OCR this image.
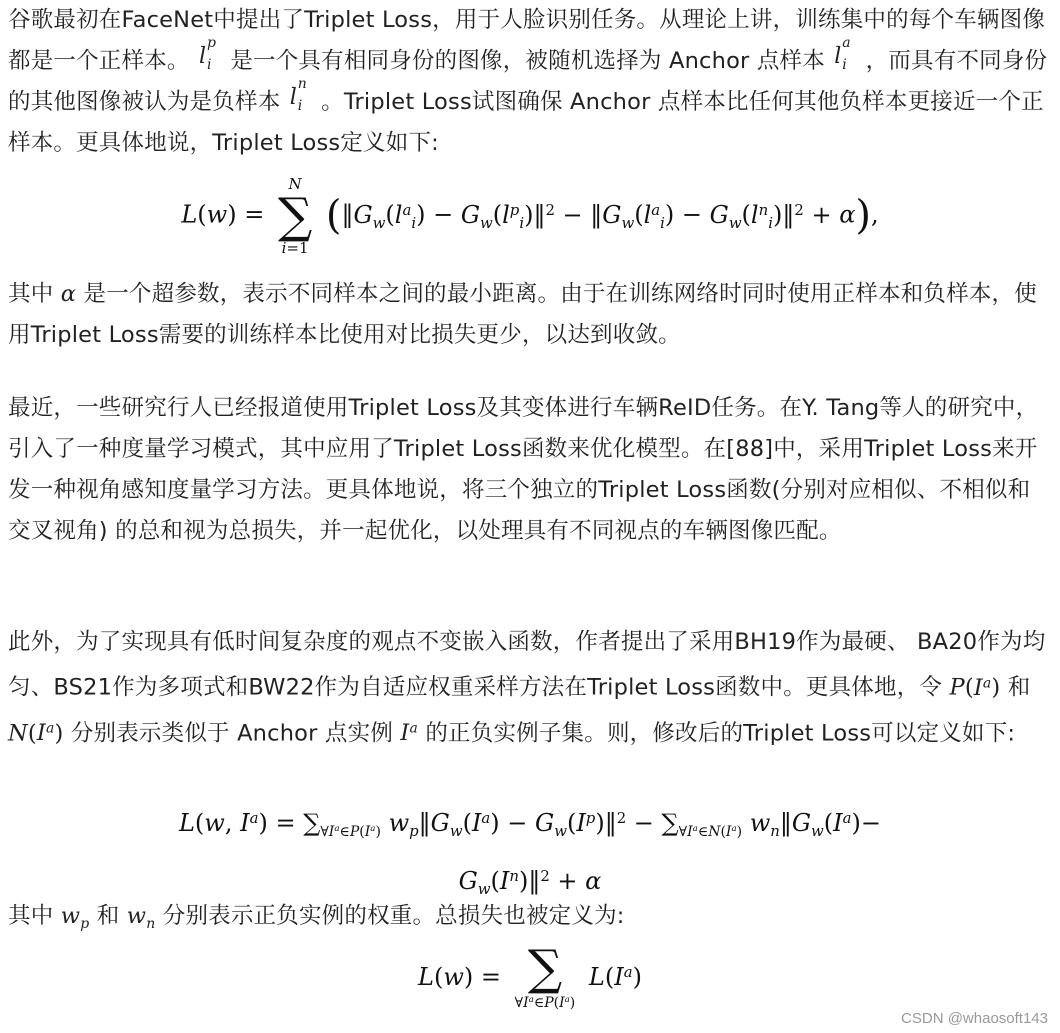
谷歌最初在FaceNet中提出了Triplet Loss，用于人脸识别任务。从理论上讲，训练集中的每个车辆图像都是一个正样本。 l
p
i 是一个具有相同身份的图像，被随机选择为 Anchor 点样本 l
a
i ，而具有不同身份的其他图像被认为是负样本 l
n
i 。Triplet Loss试图确保 Anchor 点样本比任何其他负样本更接近一个正样本。更具体地说，Triplet Loss定义如下:

L(w) =
N
∑
i=1
($‖G_w(l^a_i)$ − $G_w(l^p_i)‖^2$ − $‖G_w(l^a_i)$ − $G_w(l^n_i)‖^2 + \alpha$),

其中 α 是一个超参数，表示不同样本之间的最小距离。由于在训练网络时同时使用正样本和负样本，使用Triplet Loss需要的训练样本比使用对比损失更少，以达到收敛。

最近，一些研究行人已经报道使用Triplet Loss及其变体进行车辆ReID任务。在Y. Tang等人的研究中，引入了一种度量学习模式，其中应用了Triplet Loss函数来优化模型。在[88]中，采用Triplet Loss来开发一种视角感知度量学习方法。更具体地说，将三个独立的Triplet Loss函数(分别对应相似、不相似和交叉视角) 的总和视为总损失，并一起优化，以处理具有不同视点的车辆图像匹配。

此外，为了实现具有低时间复杂度的观点不变嵌入函数，作者提出了采用BH19作为最硬、 BA20作为均匀、BS21作为多项式和BW22作为自适应权重采样方法在Triplet Loss函数中。更具体地，令 $P(I^a)$ 和 $N(I^a)$ 分别表示类似于 Anchor 点实例 $I^a$ 的正负实例子集。则，修改后的Triplet Loss可以定义如下:

L(w, $I^a) = \sum_{\forall I^a\in P(I^a)}$ $w_p‖G_w(I^a)$ − $G_w(I^p)‖^2 - \sum_{\forall I^a\in N(I^a)}$ $w_n‖G_w(I^a)-$
$G_w(I^n)‖^2 + \alpha$

其中 $w_p$ 和 $w_n$ 分别表示正负实例的权重。总损失也被定义为:

L(w) = ∑
$\forall I^a\in P(I^a)$
$L(I^a)$
CSDN @whaosoft143
